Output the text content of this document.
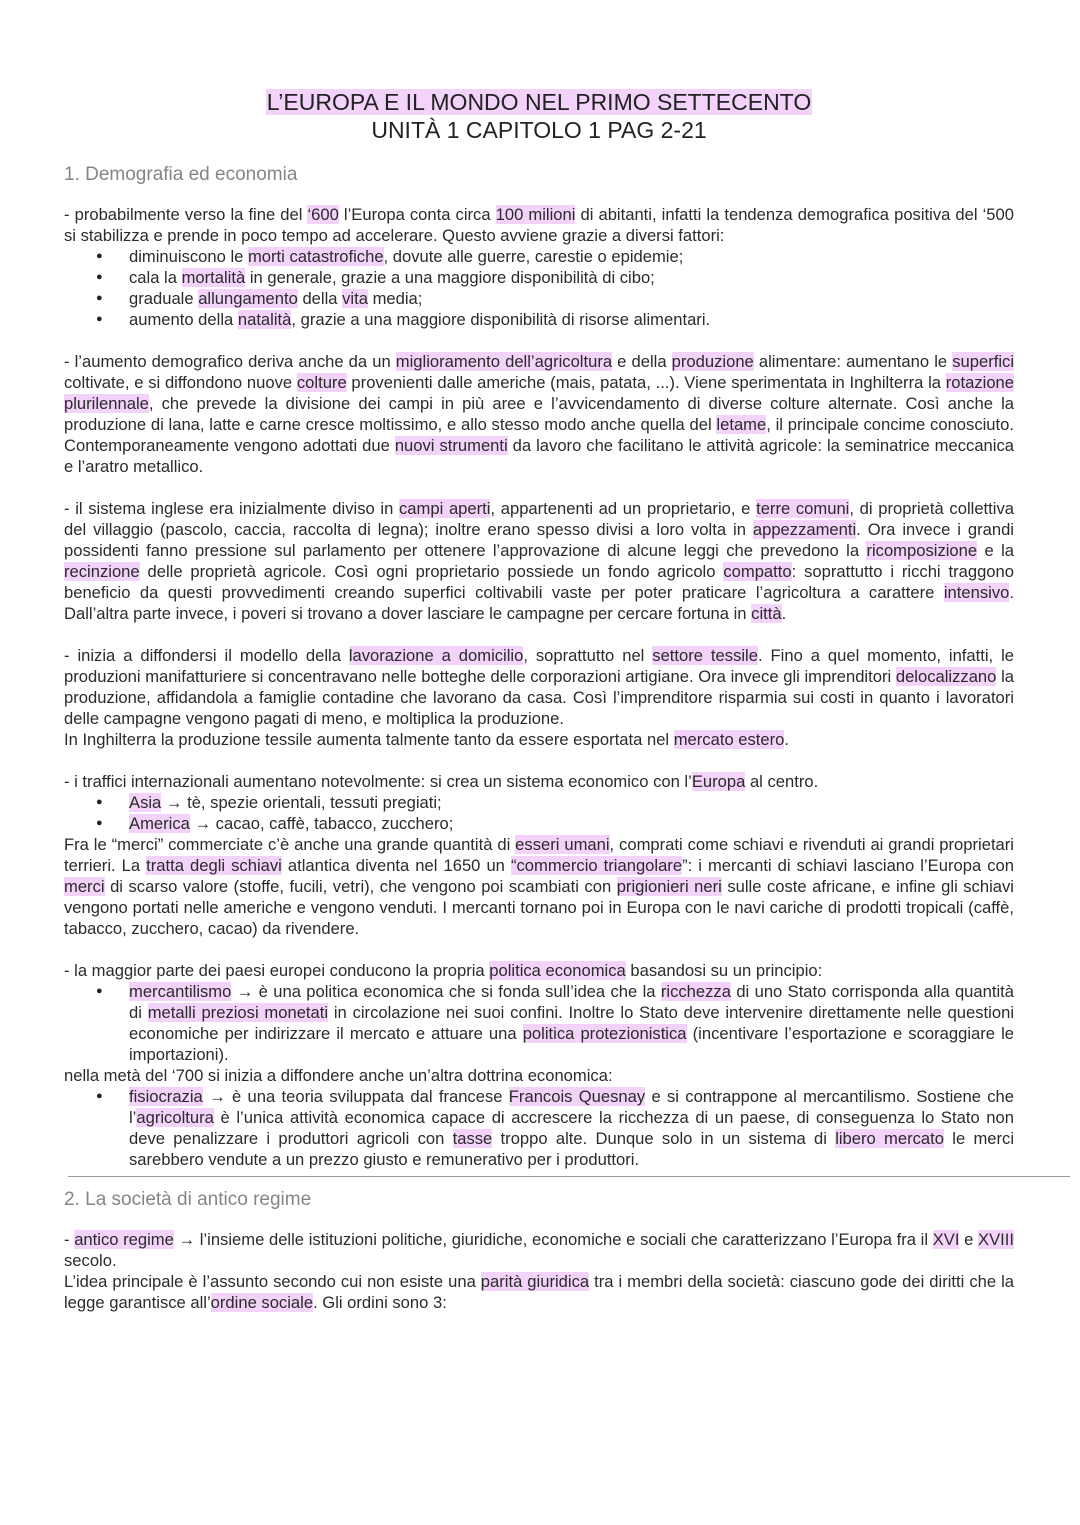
L’EUROPA E IL MONDO NEL PRIMO SETTECENTO
UNITÀ 1 CAPITOLO 1 PAG 2-21
1. Demografia ed economia

- probabilmente verso la fine del ‘600 l’Europa conta circa 100 milioni di abitanti, infatti la tendenza demografica positiva del ‘500 si stabilizza e prende in poco tempo ad accelerare. Questo avviene grazie a diversi fattori:

● diminuiscono le morti catastrofiche, dovute alle guerre, carestie o epidemie;
● cala la mortalità in generale, grazie a una maggiore disponibilità di cibo;
● graduale allungamento della vita media;
● aumento della natalità, grazie a una maggiore disponibilità di risorse alimentari.

- l’aumento demografico deriva anche da un miglioramento dell’agricoltura e della produzione alimentare: aumentano le superfici coltivate, e si diffondono nuove colture provenienti dalle americhe (mais, patata, ...). Viene sperimentata in Inghilterra la rotazione plurilennale, che prevede la divisione dei campi in più aree e l’avvicendamento di diverse colture alternate. Così anche la produzione di lana, latte e carne cresce moltissimo, e allo stesso modo anche quella del letame, il principale concime conosciuto. Contemporaneamente vengono adottati due nuovi strumenti da lavoro che facilitano le attività agricole: la seminatrice meccanica e l’aratro metallico.

- il sistema inglese era inizialmente diviso in campi aperti, appartenenti ad un proprietario, e terre comuni, di proprietà collettiva del villaggio (pascolo, caccia, raccolta di legna); inoltre erano spesso divisi a loro volta in appezzamenti. Ora invece i grandi possidenti fanno pressione sul parlamento per ottenere l’approvazione di alcune leggi che prevedono la ricomposizione e la recinzione delle proprietà agricole. Così ogni proprietario possiede un fondo agricolo compatto: soprattutto i ricchi traggono beneficio da questi provvedimenti creando superfici coltivabili vaste per poter praticare l’agricoltura a carattere intensivo. Dall’altra parte invece, i poveri si trovano a dover lasciare le campagne per cercare fortuna in città.

- inizia a diffondersi il modello della lavorazione a domicilio, soprattutto nel settore tessile. Fino a quel momento, infatti, le produzioni manifatturiere si concentravano nelle botteghe delle corporazioni artigiane. Ora invece gli imprenditori delocalizzano la produzione, affidandola a famiglie contadine che lavorano da casa. Così l’imprenditore risparmia sui costi in quanto i lavoratori delle campagne vengono pagati di meno, e moltiplica la produzione.

In Inghilterra la produzione tessile aumenta talmente tanto da essere esportata nel mercato estero.

- i traffici internazionali aumentano notevolmente: si crea un sistema economico con l’Europa al centro.

● Asia → tè, spezie orientali, tessuti pregiati;
● America → cacao, caffè, tabacco, zucchero;

Fra le “merci” commerciate c’è anche una grande quantità di esseri umani, comprati come schiavi e rivenduti ai grandi proprietari terrieri. La tratta degli schiavi atlantica diventa nel 1650 un “commercio triangolare”: i mercanti di schiavi lasciano l’Europa con merci di scarso valore (stoffe, fucili, vetri), che vengono poi scambiati con prigionieri neri sulle coste africane, e infine gli schiavi vengono portati nelle americhe e vengono venduti. I mercanti tornano poi in Europa con le navi cariche di prodotti tropicali (caffè, tabacco, zucchero, cacao) da rivendere.

- la maggior parte dei paesi europei conducono la propria politica economica basandosi su un principio:

● mercantilismo → è una politica economica che si fonda sull’idea che la ricchezza di uno Stato corrisponda alla quantità di metalli preziosi monetati in circolazione nei suoi confini. Inoltre lo Stato deve intervenire direttamente nelle questioni economiche per indirizzare il mercato e attuare una politica protezionistica (incentivare l’esportazione e scoraggiare le importazioni).

nella metà del ‘700 si inizia a diffondere anche un’altra dottrina economica:

● fisiocrazia → è una teoria sviluppata dal francese Francois Quesnay e si contrappone al mercantilismo. Sostiene che l’agricoltura è l’unica attività economica capace di accrescere la ricchezza di un paese, di conseguenza lo Stato non deve penalizzare i produttori agricoli con tasse troppo alte. Dunque solo in un sistema di libero mercato le merci sarebbero vendute a un prezzo giusto e remunerativo per i produttori.
2. La società di antico regime

- antico regime → l’insieme delle istituzioni politiche, giuridiche, economiche e sociali che caratterizzano l’Europa fra il XVI e XVIII secolo.

L’idea principale è l’assunto secondo cui non esiste una parità giuridica tra i membri della società: ciascuno gode dei diritti che la legge garantisce all’ordine sociale. Gli ordini sono 3:
